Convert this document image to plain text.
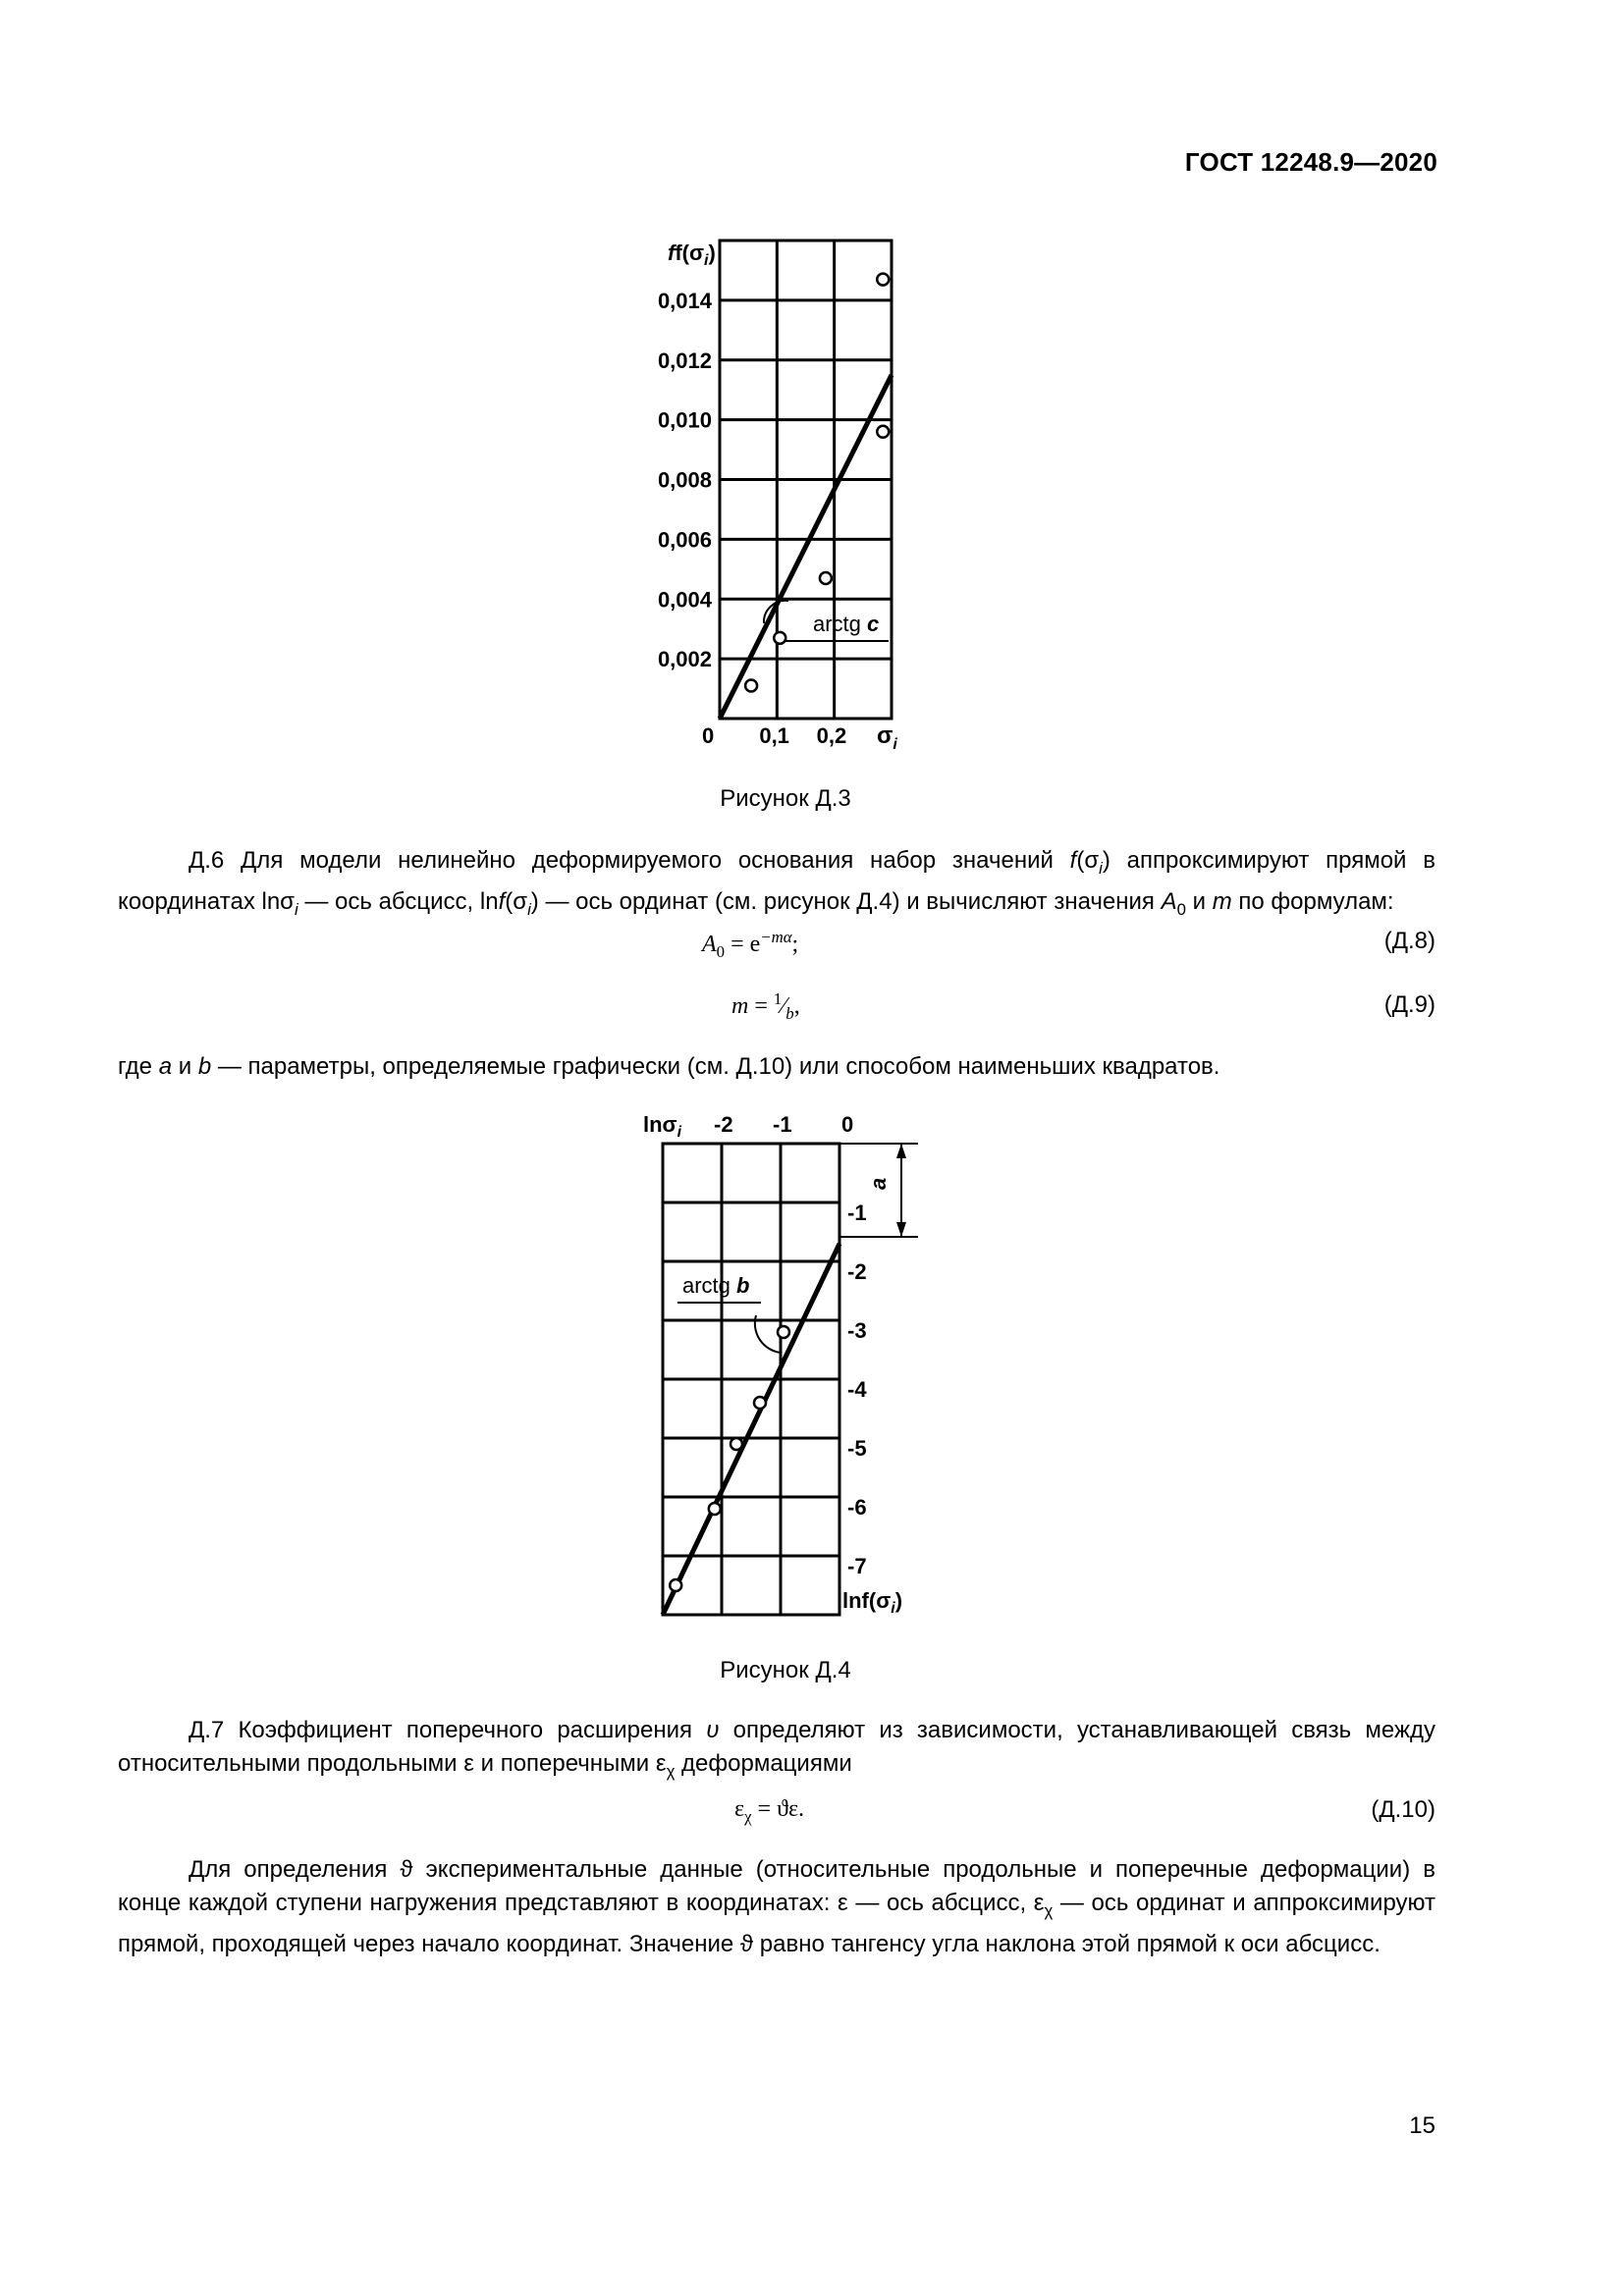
ГОСТ 12248.9—2020
0,1 0,2
0,002
0,004
0,006
0,008
0,010
0,012
0,014
arctg c
$ff(\sigma_i)$
0	$\sigma_i$
Рисунок Д.3

Д.6 Для модели нелинейно деформируемого основания набор значений $f(\sigma_i)$ аппроксимируют прямой в координатах lnσ$_i$ — ось абсцисс, $\ln f(\sigma_i)$ — ось ординат (см. рисунок Д.4) и вычисляют значения $A_0$ и m по формулам:

$A_0 = e^{-m\alpha}$;	(Д.8)
$m = ^1⁄_b$,	(Д.9)

где a и b — параметры, определяемые графически (см. Д.10) или способом наименьших квадратов.

-2 -1 0
-1
-2
-3
-4
-5
-6
-7
a
arctg b
lnσ$_i$
$\ln f(\sigma_i)$
Рисунок Д.4

Д.7 Коэффициент поперечного расширения υ определяют из зависимости, устанавливающей связь между относительными продольными ε и поперечными $\varepsilon_\chi$ деформациями

$\varepsilon_\chi = ϑ\varepsilon$.	(Д.10)

Для определения ϑ экспериментальные данные (относительные продольные и поперечные деформации) в конце каждой ступени нагружения представляют в координатах: ε — ось абсцисс, $\varepsilon_\chi$ — ось ординат и аппроксимируют прямой, проходящей через начало координат. Значение ϑ равно тангенсу угла наклона этой прямой к оси абсцисс.

15
